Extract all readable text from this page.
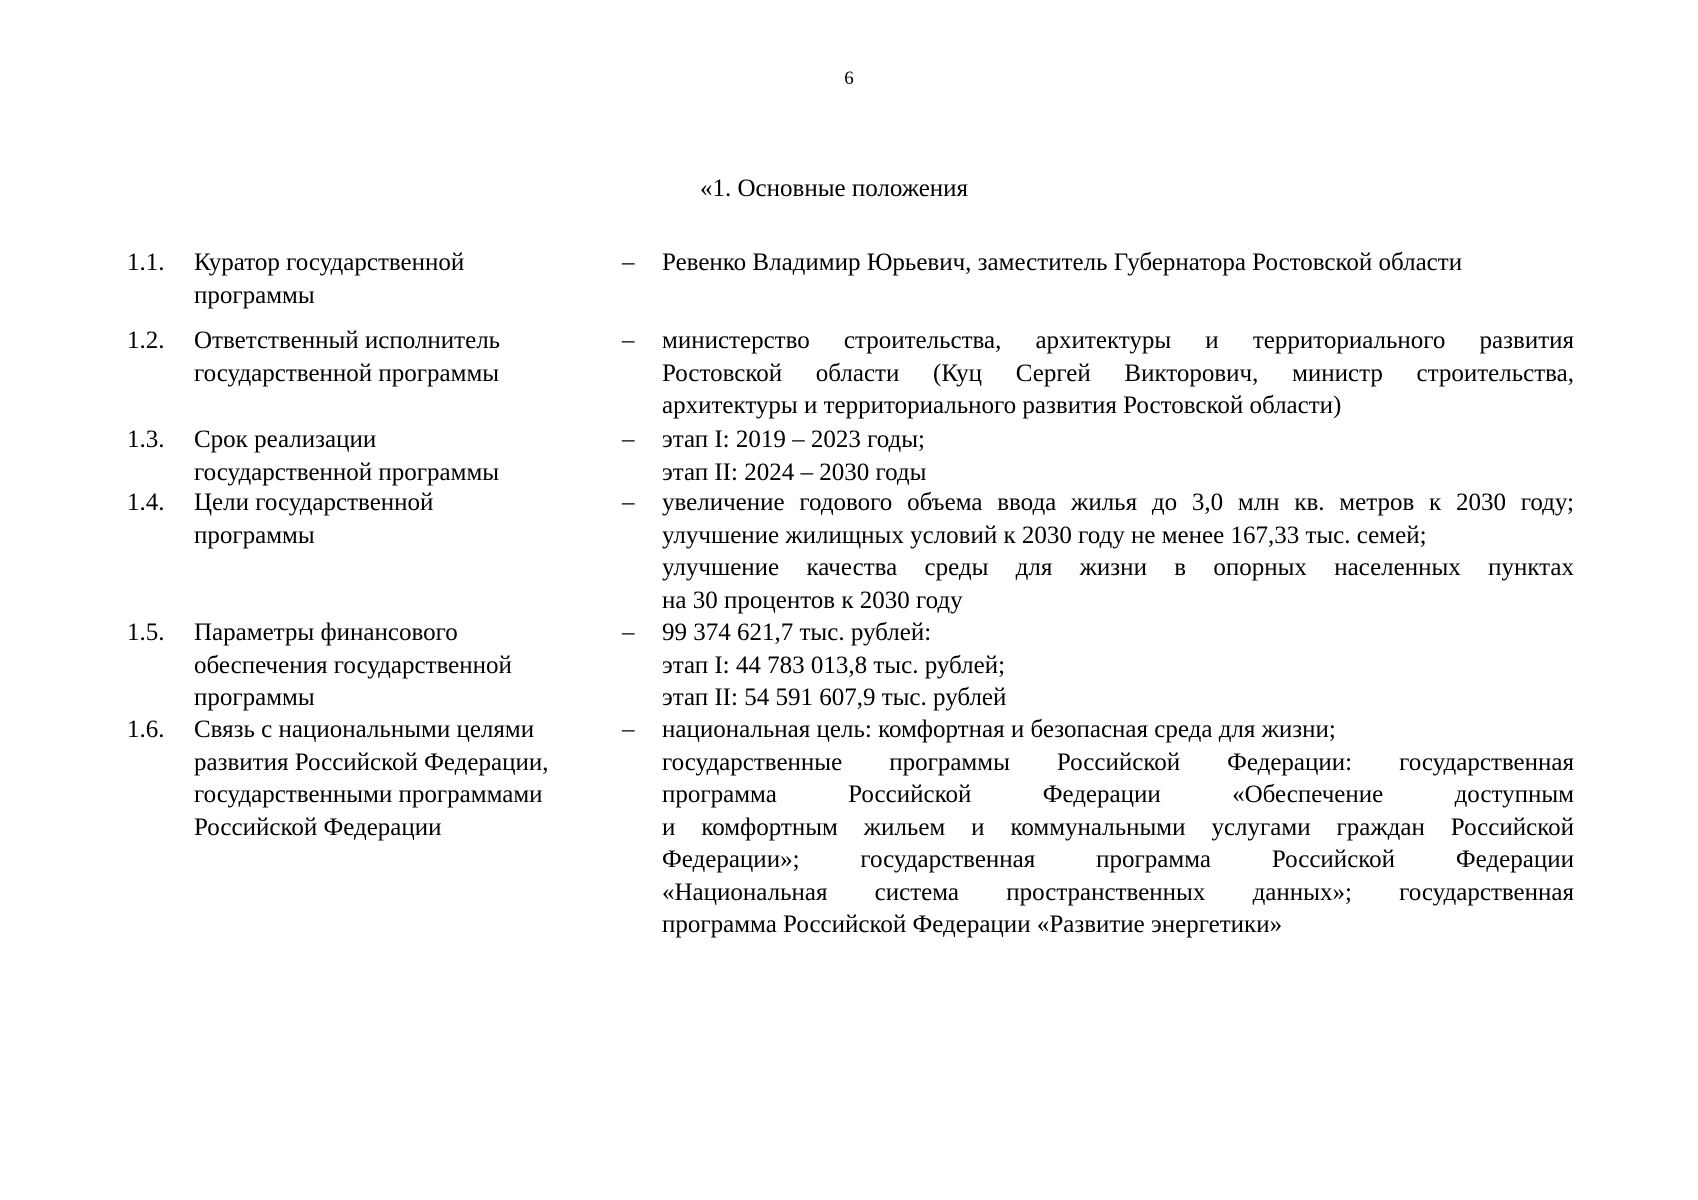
6
«1. Основные положения
1.1. Куратор государственной
программы
– Ревенко Владимир Юрьевич, заместитель Губернатора Ростовской области
1.2. Ответственный исполнитель
государственной программы
– министерство строительства, архитектуры и территориального развития
Ростовской области (Куц Сергей Викторович, министр строительства,
архитектуры и территориального развития Ростовской области)
1.3. Срок реализации
государственной программы
– этап I: 2019 – 2023 годы;
этап II: 2024 – 2030 годы
1.4. Цели государственной
программы
– увеличение годового объема ввода жилья до 3,0 млн кв. метров к 2030 году;
улучшение жилищных условий к 2030 году не менее 167,33 тыс. семей;
улучшение качества среды для жизни в опорных населенных пунктах
на 30 процентов к 2030 году
1.5. Параметры финансового
обеспечения государственной
программы
– 99 374 621,7 тыс. рублей:
этап I: 44 783 013,8 тыс. рублей;
этап II: 54 591 607,9 тыс. рублей
1.6. Связь с национальными целями
развития Российской Федерации,
государственными программами
Российской Федерации
– национальная цель: комфортная и безопасная среда для жизни;
государственные программы Российской Федерации: государственная
программа Российской Федерации «Обеспечение доступным
и комфортным жильем и коммунальными услугами граждан Российской
Федерации»; государственная программа Российской Федерации
«Национальная система пространственных данных»; государственная
программа Российской Федерации «Развитие энергетики»
